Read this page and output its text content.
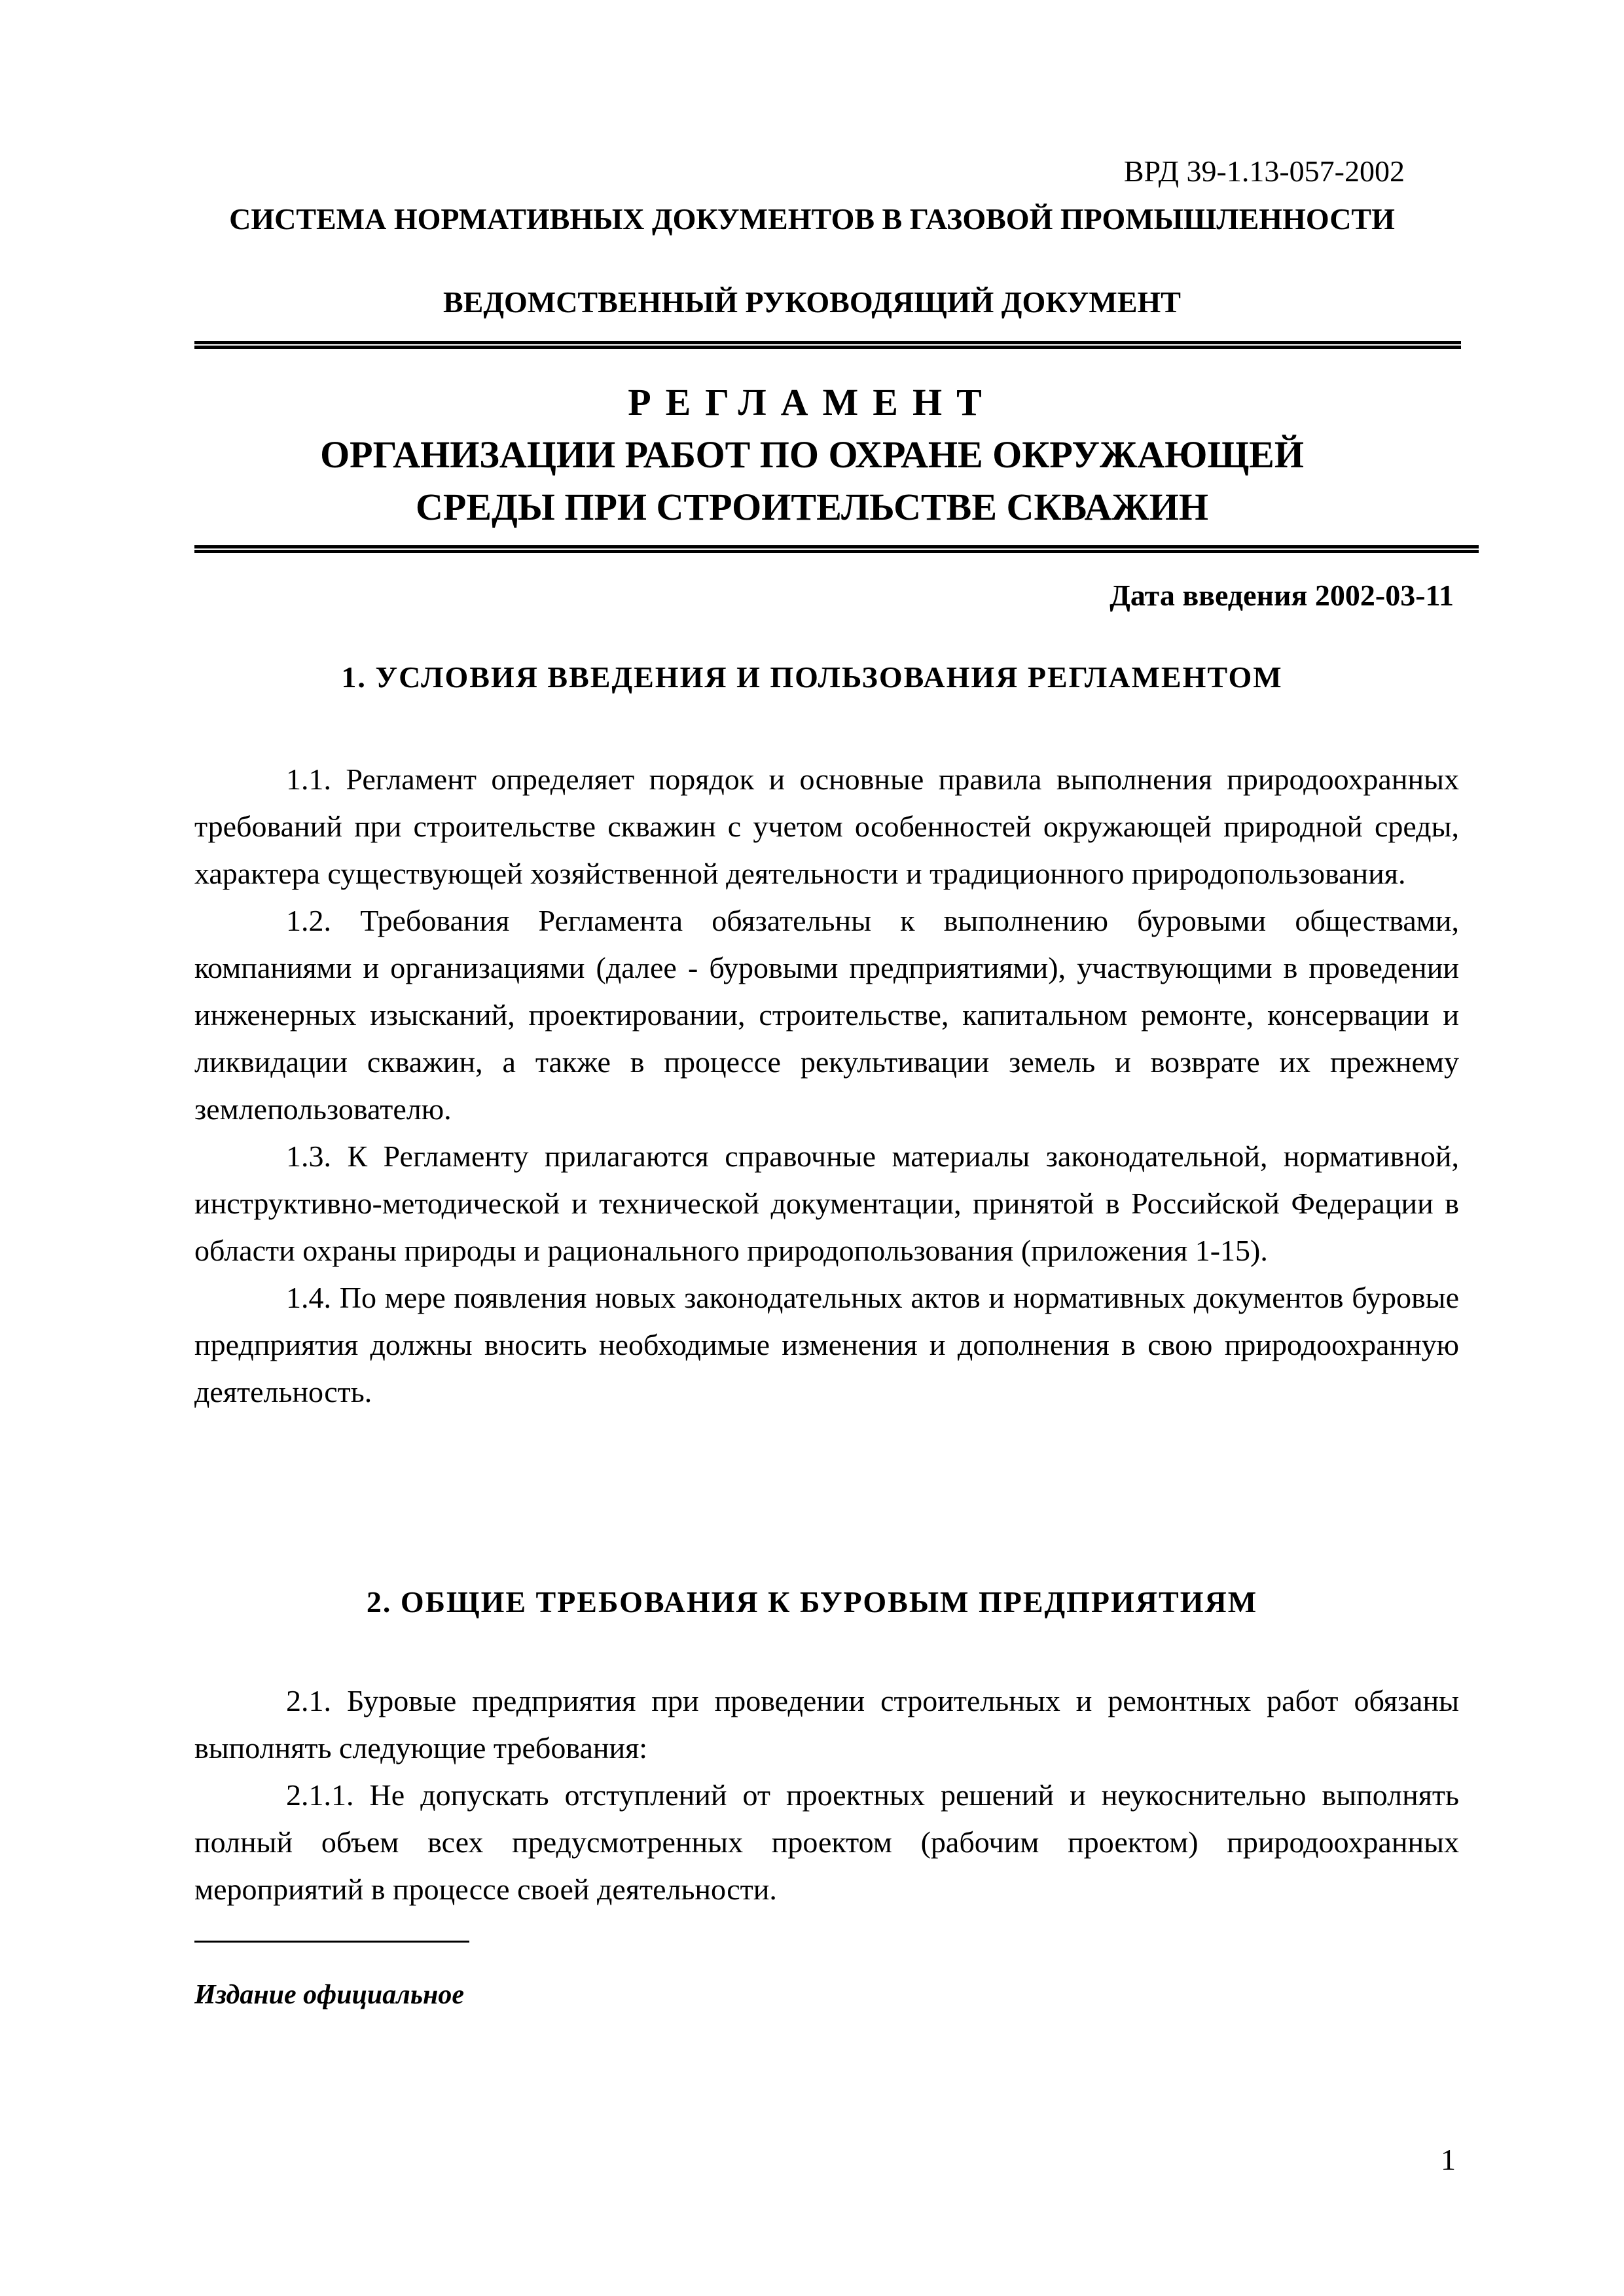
ВРД 39-1.13-057-2002
СИСТЕМА НОРМАТИВНЫХ ДОКУМЕНТОВ В ГАЗОВОЙ ПРОМЫШЛЕННОСТИ
ВЕДОМСТВЕННЫЙ РУКОВОДЯЩИЙ ДОКУМЕНТ
РЕГЛАМЕНТ
ОРГАНИЗАЦИИ РАБОТ ПО ОХРАНЕ ОКРУЖАЮЩЕЙ
СРЕДЫ ПРИ СТРОИТЕЛЬСТВЕ СКВАЖИН
Дата введения 2002-03-11
1. УСЛОВИЯ ВВЕДЕНИЯ И ПОЛЬЗОВАНИЯ РЕГЛАМЕНТОМ

1.1. Регламент определяет порядок и основные правила выполнения природоохранных требований при строительстве скважин с учетом особенностей окружающей природной среды, характера существующей хозяйственной деятельности и традиционного природопользования.

1.2. Требования Регламента обязательны к выполнению буровыми обществами, компаниями и организациями (далее - буровыми предприятиями), участвующими в проведении инженерных изысканий, проектировании, строительстве, капитальном ремонте, консервации и ликвидации скважин, а также в процессе рекультивации земель и возврате их прежнему землепользователю.

1.3. К Регламенту прилагаются справочные материалы законодательной, нормативной, инструктивно-методической и технической документации, принятой в Российской Федерации в области охраны природы и рационального природопользования (приложения 1-15).

1.4. По мере появления новых законодательных актов и нормативных документов буровые предприятия должны вносить необходимые изменения и дополнения в свою природоохранную деятельность.

2. ОБЩИЕ ТРЕБОВАНИЯ К БУРОВЫМ ПРЕДПРИЯТИЯМ

2.1. Буровые предприятия при проведении строительных и ремонтных работ обязаны выполнять следующие требования:

2.1.1. Не допускать отступлений от проектных решений и неукоснительно выполнять полный объем всех предусмотренных проектом (рабочим проектом) природоохранных мероприятий в процессе своей деятельности.

Издание официальное
1
